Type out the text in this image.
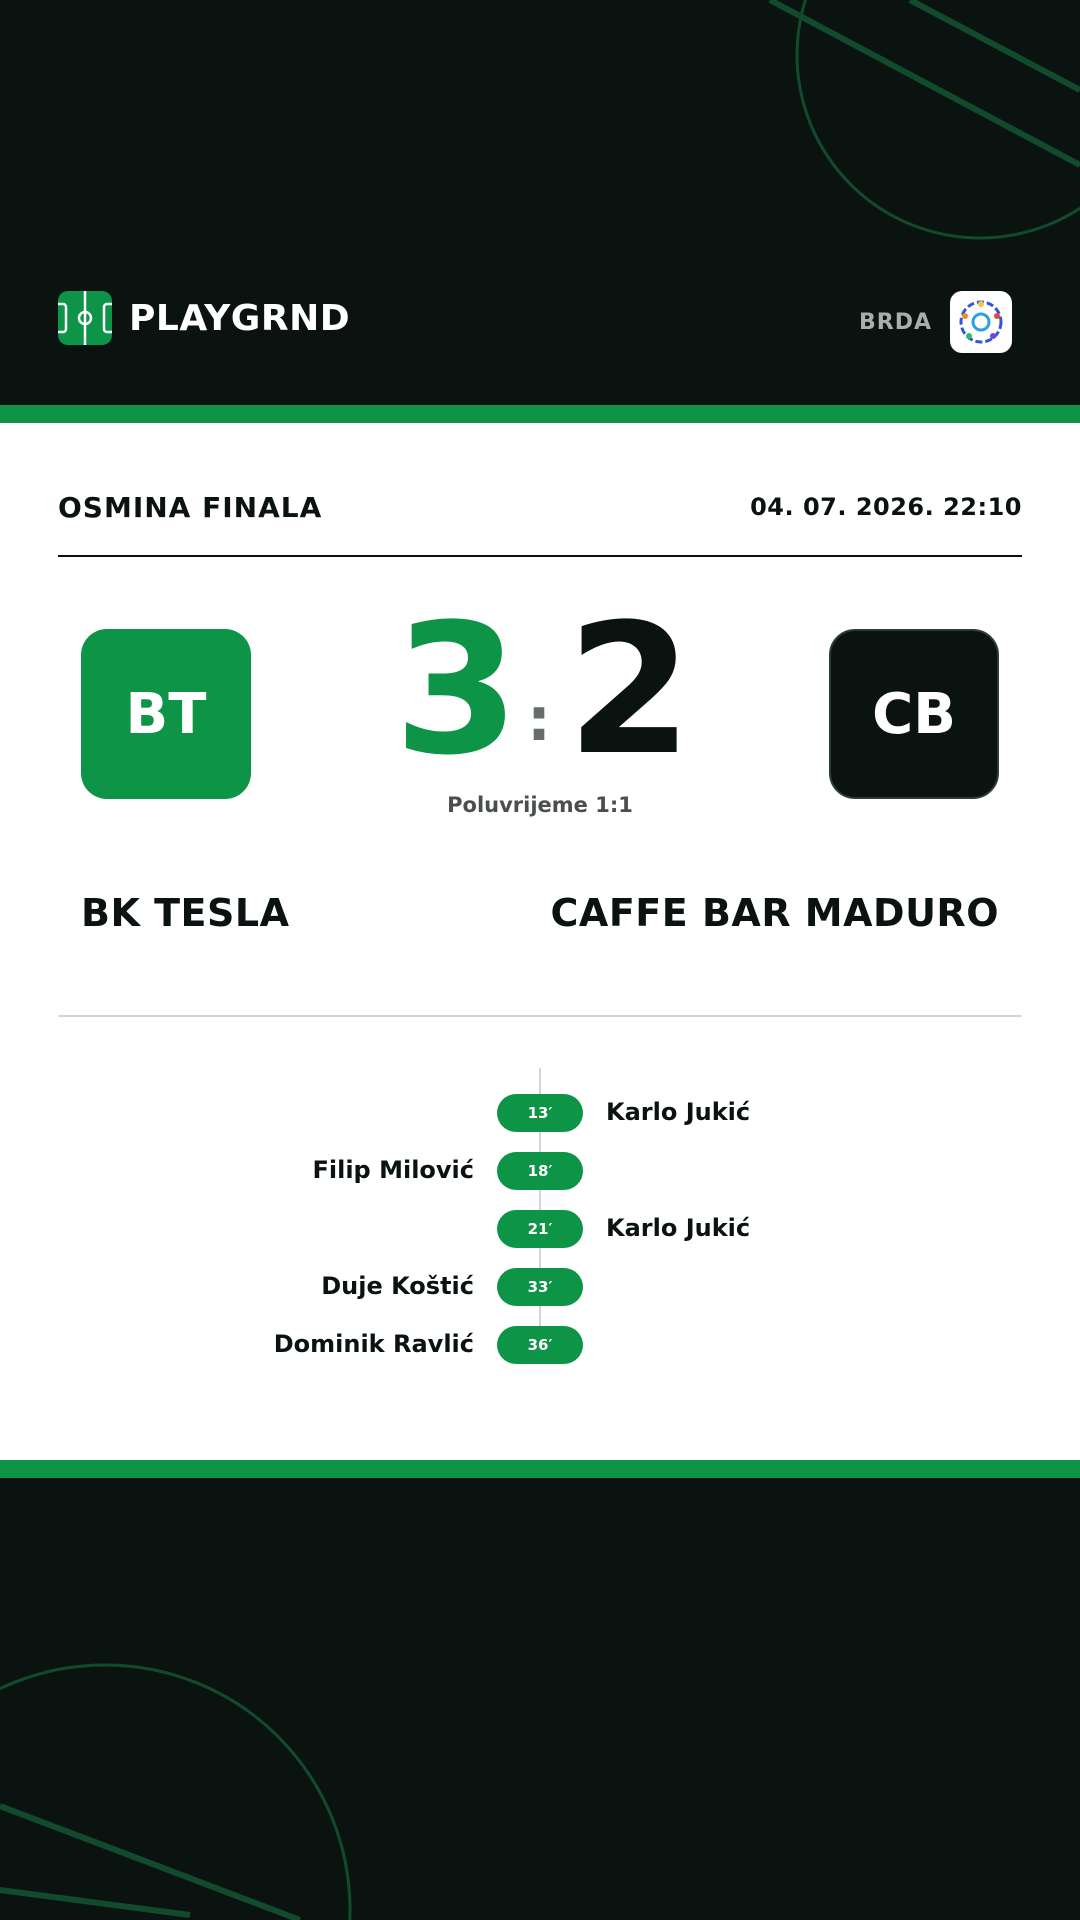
PLAYGRND	BRDA
OSMINA FINALA	04. 07. 2026. 22:10
BT 3 : 2	CB
Poluvrijeme 1:1
BK TESLA	CAFFE BAR MADURO
13′	Karlo Jukić
Filip Milović	18′
21′	Karlo Jukić
Duje Koštić	33′
Dominik Ravlić	36′
